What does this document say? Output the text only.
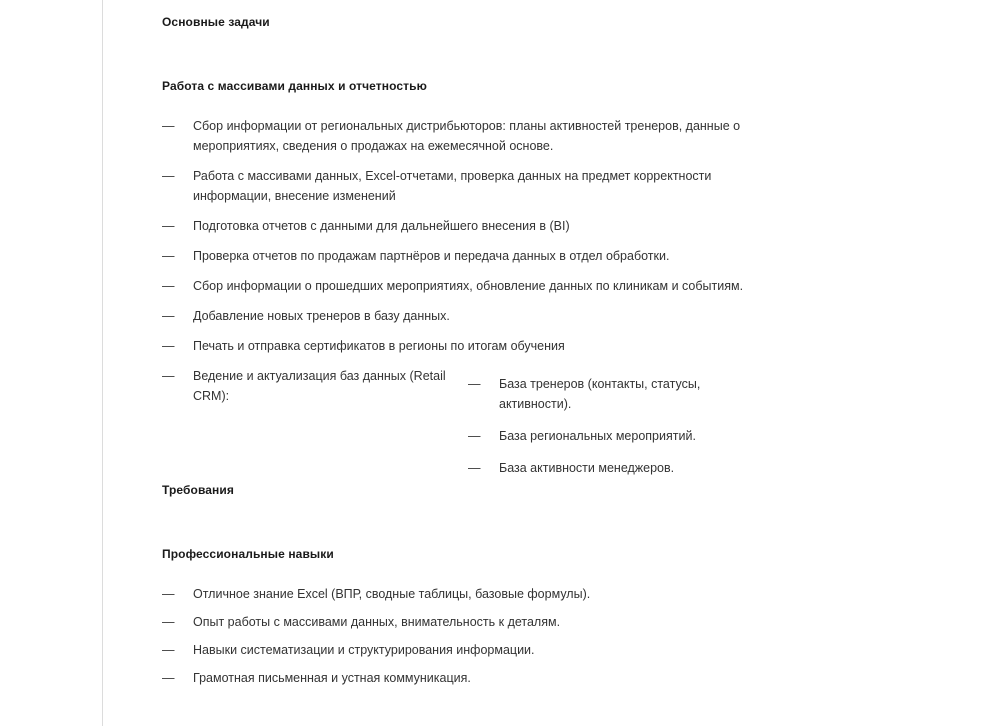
Основные задачи
Работа с массивами данных и отчетностью
— Сбор информации от региональных дистрибьюторов: планы активностей тренеров, данные о мероприятиях, сведения о продажах на ежемесячной основе.
— Работа с массивами данных, Excel-отчетами, проверка данных на предмет корректности информации, внесение изменений
— Подготовка отчетов с данными для дальнейшего внесения в (BI)
— Проверка отчетов по продажам партнёров и передача данных в отдел обработки.
— Сбор информации о прошедших мероприятиях, обновление данных по клиникам и событиям.
— Добавление новых тренеров в базу данных.
— Печать и отправка сертификатов в регионы по итогам обучения
— Ведение и актуализация баз данных (Retail CRM):
— База тренеров (контакты, статусы, активности).
— База региональных мероприятий.
— База активности менеджеров.
Требования
Профессиональные навыки
— Отличное знание Excel (ВПР, сводные таблицы, базовые формулы).
— Опыт работы с массивами данных, внимательность к деталям.
— Навыки систематизации и структурирования информации.
— Грамотная письменная и устная коммуникация.
